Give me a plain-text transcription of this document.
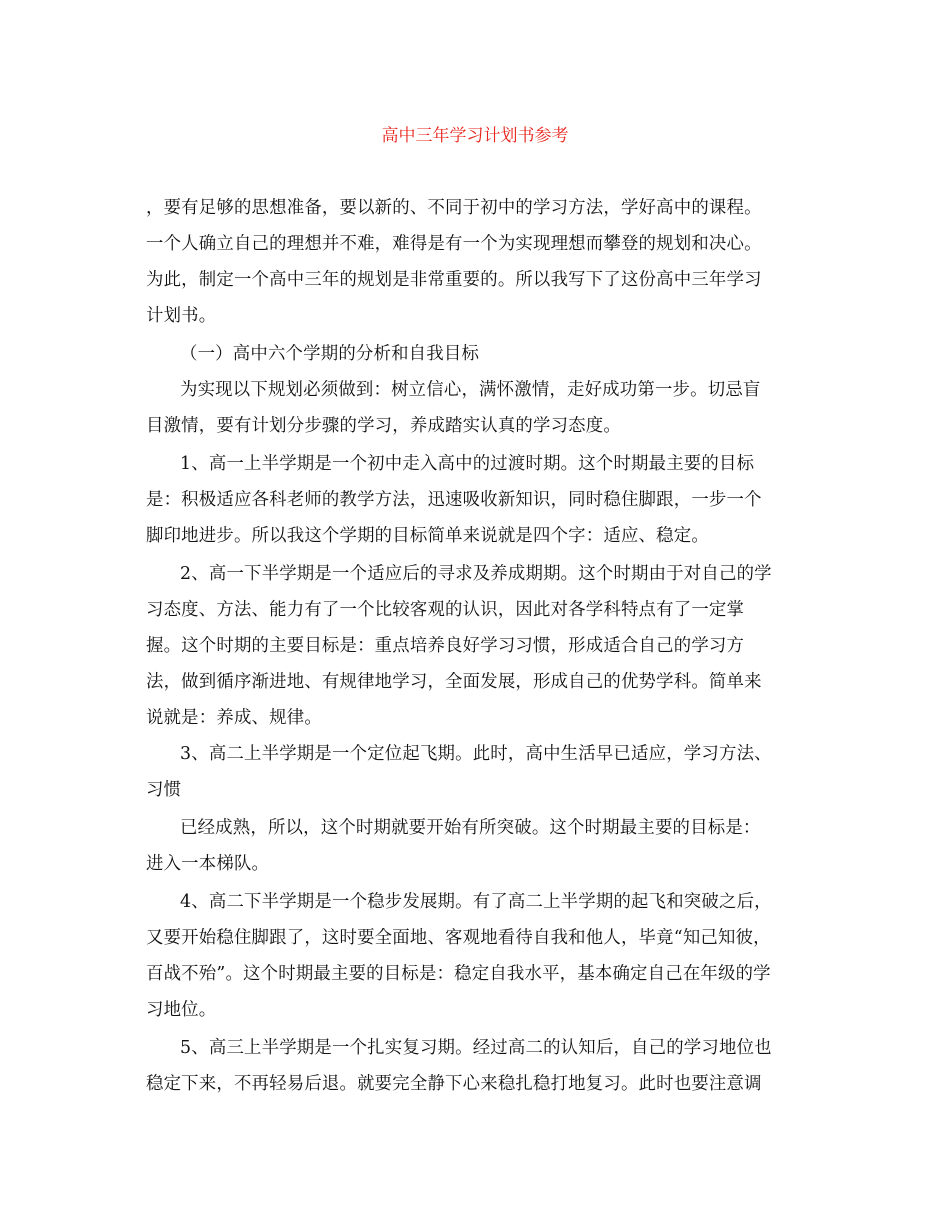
高中三年学习计划书参考
，要有足够的思想准备，要以新的、不同于初中的学习方法，学好高中的课程。
一个人确立自己的理想并不难，难得是有一个为实现理想而攀登的规划和决心。
为此，制定一个高中三年的规划是非常重要的。所以我写下了这份高中三年学习
计划书。
（一）高中六个学期的分析和自我目标
为实现以下规划必须做到：树立信心，满怀激情，走好成功第一步。切忌盲
目激情，要有计划分步骤的学习，养成踏实认真的学习态度。
1、高一上半学期是一个初中走入高中的过渡时期。这个时期最主要的目标
是：积极适应各科老师的教学方法，迅速吸收新知识，同时稳住脚跟，一步一个
脚印地进步。所以我这个学期的目标简单来说就是四个字：适应、稳定。
2、高一下半学期是一个适应后的寻求及养成期期。这个时期由于对自己的学
习态度、方法、能力有了一个比较客观的认识，因此对各学科特点有了一定掌
握。这个时期的主要目标是：重点培养良好学习习惯，形成适合自己的学习方
法，做到循序渐进地、有规律地学习，全面发展，形成自己的优势学科。简单来
说就是：养成、规律。
3、高二上半学期是一个定位起飞期。此时，高中生活早已适应，学习方法、
习惯
已经成熟，所以，这个时期就要开始有所突破。这个时期最主要的目标是：
进入一本梯队。
4、高二下半学期是一个稳步发展期。有了高二上半学期的起飞和突破之后，
又要开始稳住脚跟了，这时要全面地、客观地看待自我和他人，毕竟“知己知彼，
百战不殆”。这个时期最主要的目标是：稳定自我水平，基本确定自己在年级的学
习地位。
5、高三上半学期是一个扎实复习期。经过高二的认知后，自己的学习地位也
稳定下来，不再轻易后退。就要完全静下心来稳扎稳打地复习。此时也要注意调
